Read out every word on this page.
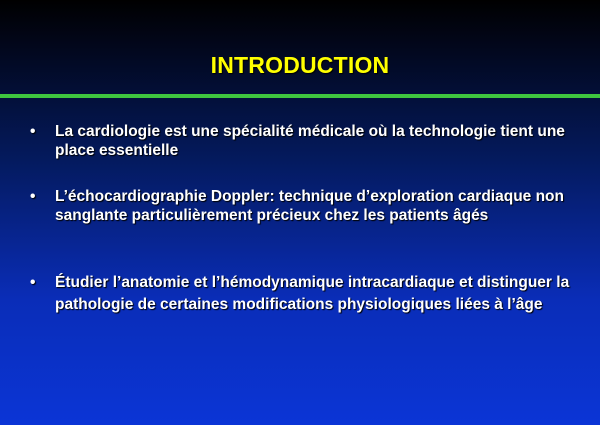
INTRODUCTION
•	La cardiologie est une spécialité médicale où la technologie tient une place essentielle
•	L’échocardiographie Doppler: technique d’exploration cardiaque non sanglante particulièrement précieux chez les patients âgés
•	Étudier l’anatomie et l’hémodynamique intracardiaque et distinguer la pathologie de certaines modifications physiologiques liées à l’âge
